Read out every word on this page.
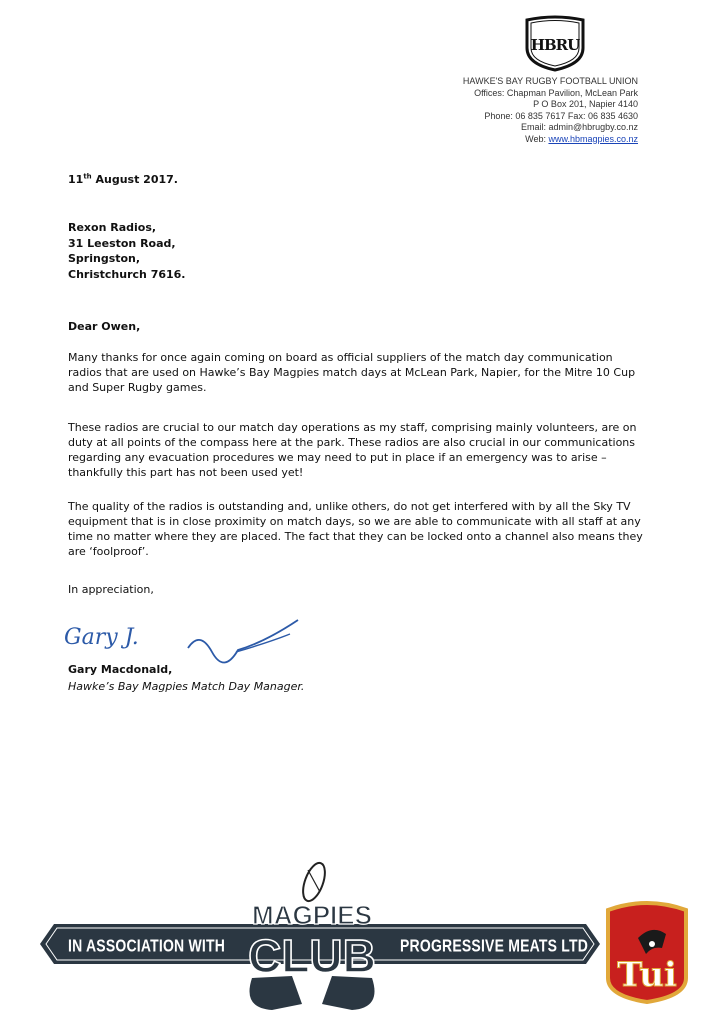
HBRU
HAWKE'S BAY RUGBY FOOTBALL UNION
Offices: Chapman Pavilion, McLean Park
P O Box 201, Napier 4140
Phone: 06 835 7617 Fax: 06 835 4630
Email: admin@hbrugby.co.nz
Web: www.hbmagpies.co.nz
11th August 2017.
Rexon Radios,
31 Leeston Road,
Springston,
Christchurch 7616.
Dear Owen,
Many thanks for once again coming on board as official suppliers of the match day communication radios that are used on Hawke’s Bay Magpies match days at McLean Park, Napier, for the Mitre 10 Cup and Super Rugby games.
These radios are crucial to our match day operations as my staff, comprising mainly volunteers, are on duty at all points of the compass here at the park. These radios are also crucial in our communications regarding any evacuation procedures we may need to put in place if an emergency was to arise – thankfully this part has not been used yet!
The quality of the radios is outstanding and, unlike others, do not get interfered with by all the Sky TV equipment that is in close proximity on match days, so we are able to communicate with all staff at any time no matter where they are placed. The fact that they can be locked onto a channel also means they are ‘foolproof’.
In appreciation,
Gary J.
Gary Macdonald,
Hawke’s Bay Magpies Match Day Manager.
IN ASSOCIATION WITH	PROGRESSIVE MEATS LTD
MAGPIES
CLUB	Tui
